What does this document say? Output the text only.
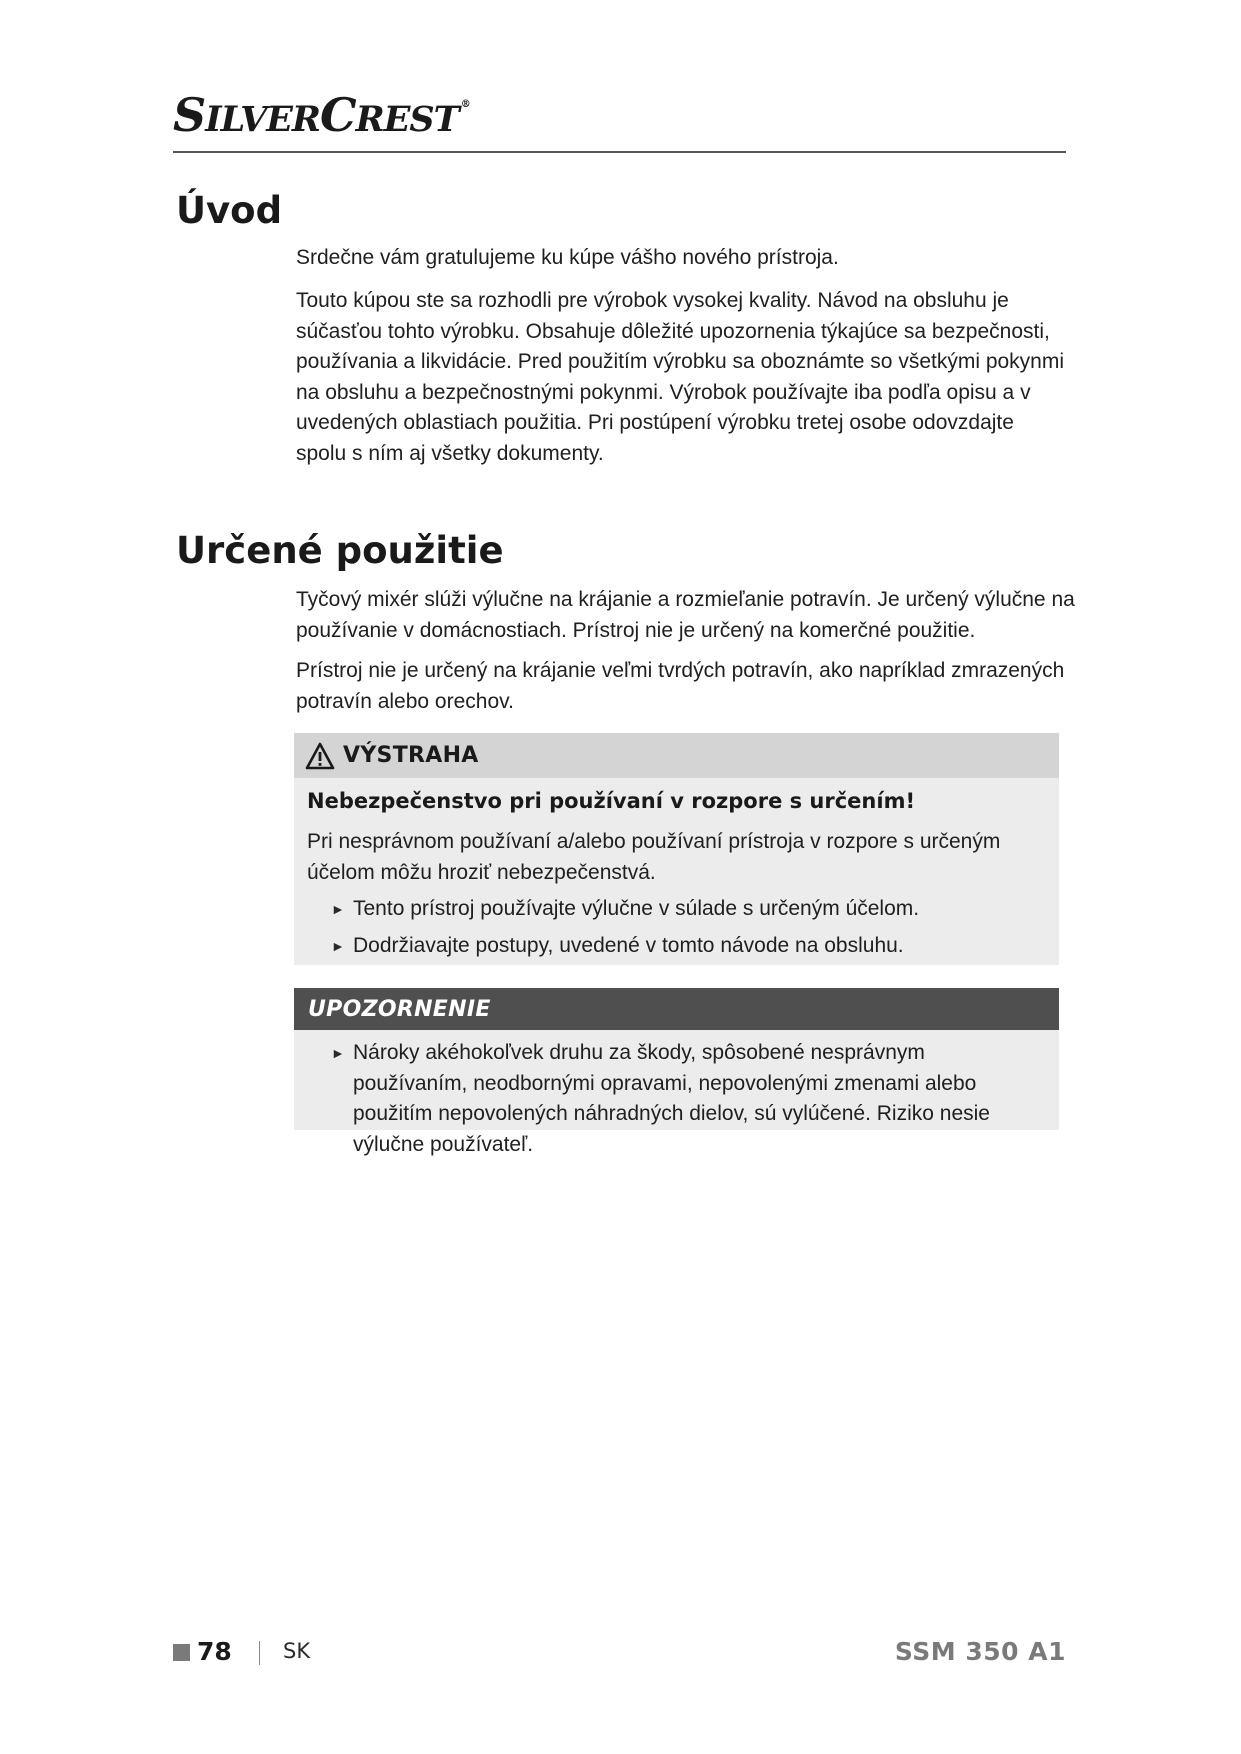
SILVERCREST ®
Úvod

Srdečne vám gratulujeme ku kúpe vášho nového prístroja.

Touto kúpou ste sa rozhodli pre výrobok vysokej kvality. Návod na obsluhu je súčasťou tohto výrobku. Obsahuje dôležité upozornenia týkajúce sa bezpečnosti, používania a likvidácie. Pred použitím výrobku sa oboznámte so všetkými pokynmi na obsluhu a bezpečnostnými pokynmi. Výrobok používajte iba podľa opisu a v uvedených oblastiach použitia. Pri postúpení výrobku tretej osobe odovzdajte spolu s ním aj všetky dokumenty.

Určené použitie

Tyčový mixér slúži výlučne na krájanie a rozmieľanie potravín. Je určený výlučne na používanie v domácnostiach. Prístroj nie je určený na komerčné použitie.

Prístroj nie je určený na krájanie veľmi tvrdých potravín, ako napríklad zmrazených potravín alebo orechov.

VÝSTRAHA
Nebezpečenstvo pri používaní v rozpore s určením!
Pri nesprávnom používaní a/alebo používaní prístroja v rozpore s určeným účelom môžu hroziť nebezpečenstvá.
► Tento prístroj používajte výlučne v súlade s určeným účelom.
► Dodržiavajte postupy, uvedené v tomto návode na obsluhu.
UPOZORNENIE
► Nároky akéhokoľvek druhu za škody, spôsobené nesprávnym používaním, neodbornými opravami, nepovolenými zmenami alebo použitím nepovolených náhradných dielov, sú vylúčené. Riziko nesie výlučne používateľ.
78 SK	SSM 350 A1
